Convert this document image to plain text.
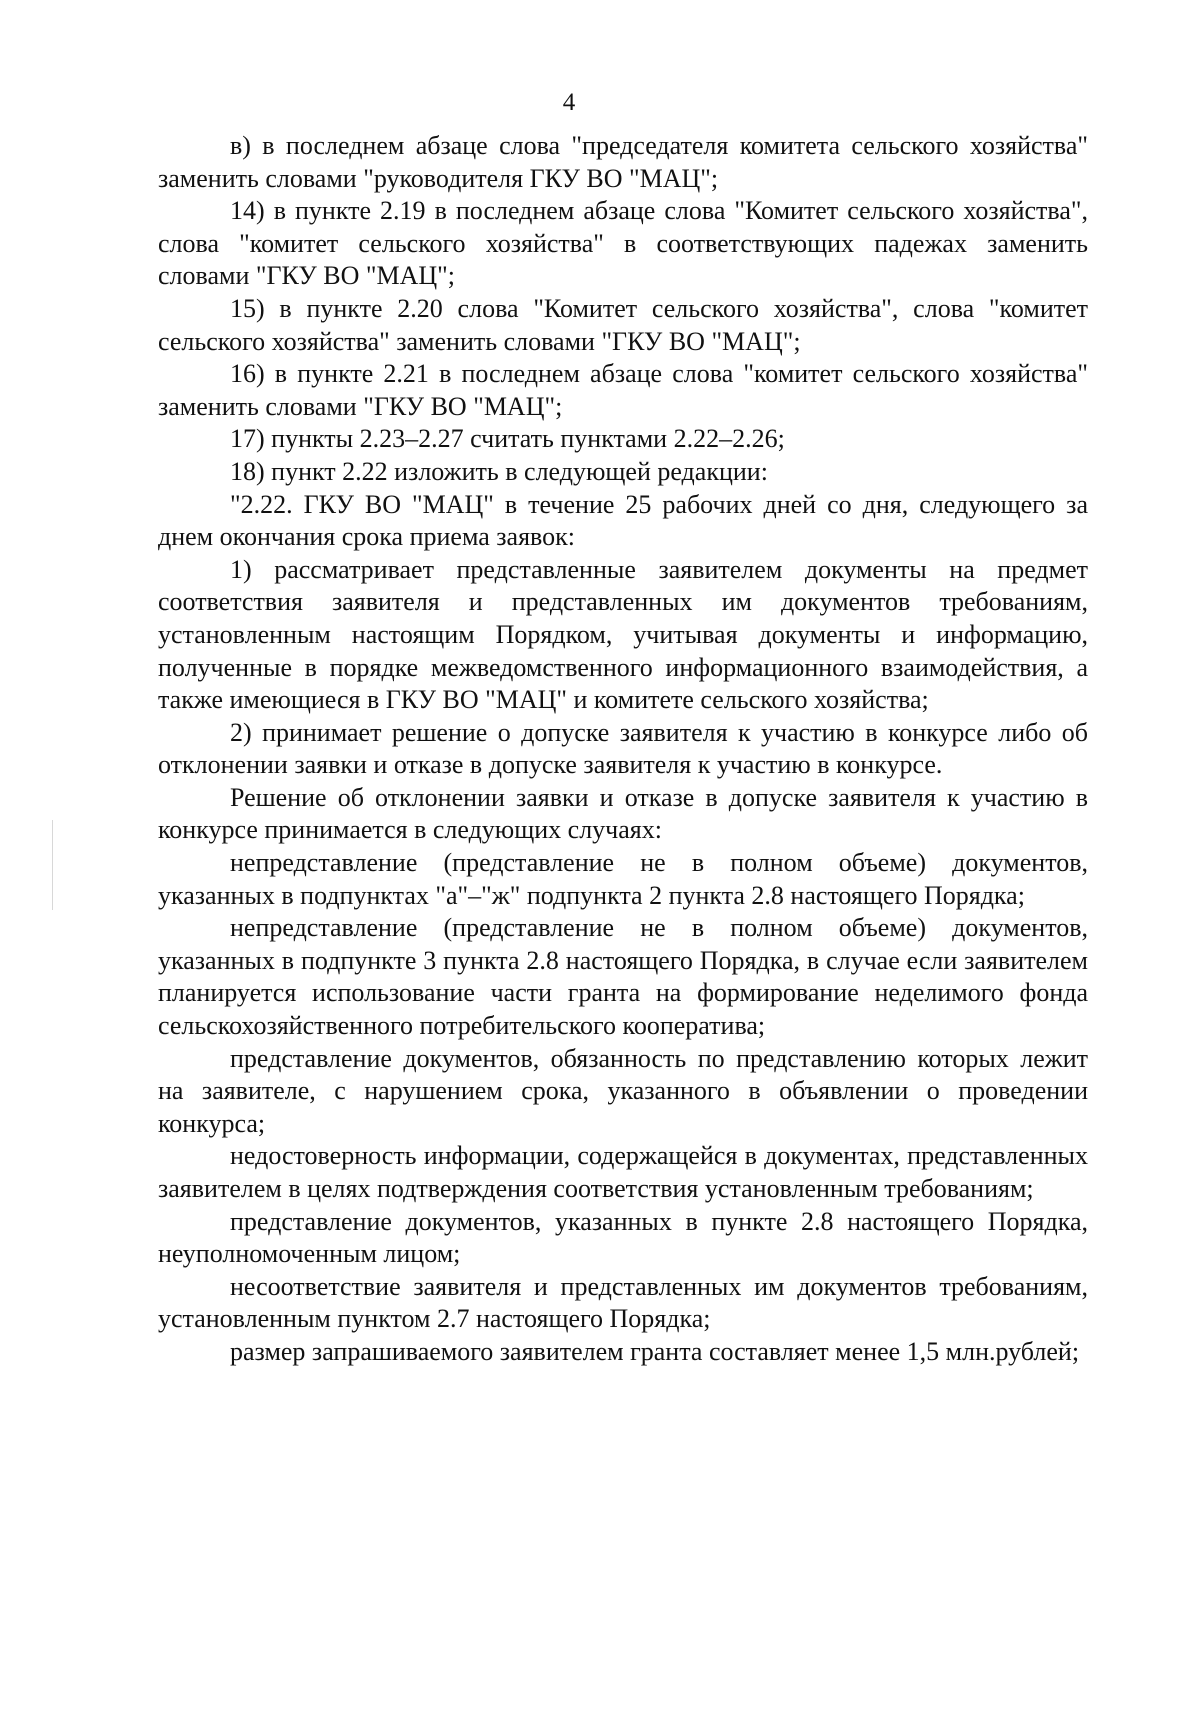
4

в) в последнем абзаце слова "председателя комитета сельского хозяйства" заменить словами "руководителя ГКУ ВО "МАЦ";

14) в пункте 2.19 в последнем абзаце слова "Комитет сельского хозяйства", слова "комитет сельского хозяйства" в соответствующих падежах заменить словами "ГКУ ВО "МАЦ";

15) в пункте 2.20 слова "Комитет сельского хозяйства", слова "комитет сельского хозяйства" заменить словами "ГКУ ВО "МАЦ";

16) в пункте 2.21 в последнем абзаце слова "комитет сельского хозяйства" заменить словами "ГКУ ВО "МАЦ";

17) пункты 2.23–2.27 считать пунктами 2.22–2.26;

18) пункт 2.22 изложить в следующей редакции:

"2.22. ГКУ ВО "МАЦ" в течение 25 рабочих дней со дня, следующего за днем окончания срока приема заявок:

1) рассматривает представленные заявителем документы на предмет соответствия заявителя и представленных им документов требованиям, установленным настоящим Порядком, учитывая документы и информацию, полученные в порядке межведомственного информационного взаимодействия, а также имеющиеся в ГКУ ВО "МАЦ" и комитете сельского хозяйства;

2) принимает решение о допуске заявителя к участию в конкурсе либо об отклонении заявки и отказе в допуске заявителя к участию в конкурсе.

Решение об отклонении заявки и отказе в допуске заявителя к участию в конкурсе принимается в следующих случаях:

непредставление (представление не в полном объеме) документов, указанных в подпунктах "а"–"ж" подпункта 2 пункта 2.8 настоящего Порядка;

непредставление (представление не в полном объеме) документов, указанных в подпункте 3 пункта 2.8 настоящего Порядка, в случае если заявителем планируется использование части гранта на формирование неделимого фонда сельскохозяйственного потребительского кооператива;

представление документов, обязанность по представлению которых лежит на заявителе, с нарушением срока, указанного в объявлении о проведении конкурса;

недостоверность информации, содержащейся в документах, представленных заявителем в целях подтверждения соответствия установленным требованиям;

представление документов, указанных в пункте 2.8 настоящего Порядка, неуполномоченным лицом;

несоответствие заявителя и представленных им документов требованиям, установленным пунктом 2.7 настоящего Порядка;

размер запрашиваемого заявителем гранта составляет менее 1,5 млн.рублей;
